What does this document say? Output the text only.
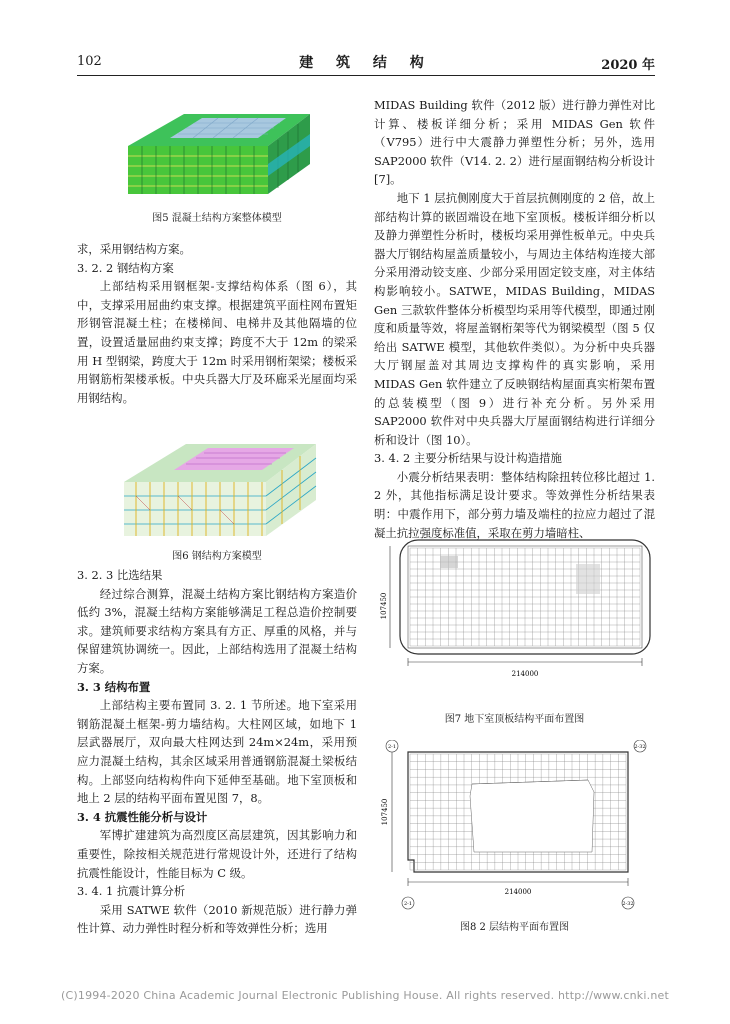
102	建 筑 结 构	2020 年
图5 混凝土结构方案整体模型
图6 钢结构方案模型

求，采用钢结构方案。

3. 2. 2 钢结构方案

上部结构采用钢框架-支撑结构体系（图 6），其中，支撑采用屈曲约束支撑。根据建筑平面柱网布置矩形钢管混凝土柱；在楼梯间、电梯井及其他隔墙的位置，设置适量屈曲约束支撑；跨度不大于 12m 的梁采用 H 型钢梁，跨度大于 12m 时采用钢桁架梁；楼板采用钢筋桁架楼承板。中央兵器大厅及环廊采光屋面均采用钢结构。

3. 2. 3 比选结果

经过综合测算，混凝土结构方案比钢结构方案造价低约 3%，混凝土结构方案能够满足工程总造价控制要求。建筑师要求结构方案具有方正、厚重的风格，并与保留建筑协调统一。因此，上部结构选用了混凝土结构方案。

3. 3 结构布置

上部结构主要布置同 3. 2. 1 节所述。地下室采用钢筋混凝土框架-剪力墙结构。大柱网区域，如地下 1 层武器展厅，双向最大柱网达到 24m×24m，采用预应力混凝土结构，其余区域采用普通钢筋混凝土梁板结构。上部竖向结构构件向下延伸至基础。地下室顶板和地上 2 层的结构平面布置见图 7，8。

3. 4 抗震性能分析与设计

军博扩建建筑为高烈度区高层建筑，因其影响力和重要性，除按相关规范进行常规设计外，还进行了结构抗震性能设计，性能目标为 C 级。

3. 4. 1 抗震计算分析

采用 SATWE 软件（2010 新规范版）进行静力弹性计算、动力弹性时程分析和等效弹性分析；选用

MIDAS Building 软件（2012 版）进行静力弹性对比计算、楼板详细分析；采用 MIDAS Gen 软件（V795）进行中大震静力弹塑性分析；另外，选用 SAP2000 软件（V14. 2. 2）进行屋面钢结构分析设计[7]。

地下 1 层抗侧刚度大于首层抗侧刚度的 2 倍，故上部结构计算的嵌固端设在地下室顶板。楼板详细分析以及静力弹塑性分析时，楼板均采用弹性板单元。中央兵器大厅钢结构屋盖质量较小，与周边主体结构连接大部分采用滑动铰支座、少部分采用固定铰支座，对主体结构影响较小。SATWE，MIDAS Building，MIDAS Gen 三款软件整体分析模型均采用等代模型，即通过刚度和质量等效，将屋盖钢桁架等代为钢梁模型（图 5 仅给出 SATWE 模型，其他软件类似）。为分析中央兵器大厅钢屋盖对其周边支撑构件的真实影响，采用 MIDAS Gen 软件建立了反映钢结构屋面真实桁架布置的总装模型（图 9）进行补充分析。另外采用 SAP2000 软件对中央兵器大厅屋面钢结构进行详细分析和设计（图 10）。

3. 4. 2 主要分析结果与设计构造措施

小震分析结果表明：整体结构除扭转位移比超过 1. 2 外，其他指标满足设计要求。等效弹性分析结果表明：中震作用下，部分剪力墙及端柱的拉应力超过了混凝土抗拉强度标准值，采取在剪力墙暗柱、

214000
107450
图7 地下室顶板结构平面布置图
214000
107450
2-1	2-32
2-1	2-32
图8 2 层结构平面布置图
(C)1994-2020 China Academic Journal Electronic Publishing House. All rights reserved. http://www.cnki.net
